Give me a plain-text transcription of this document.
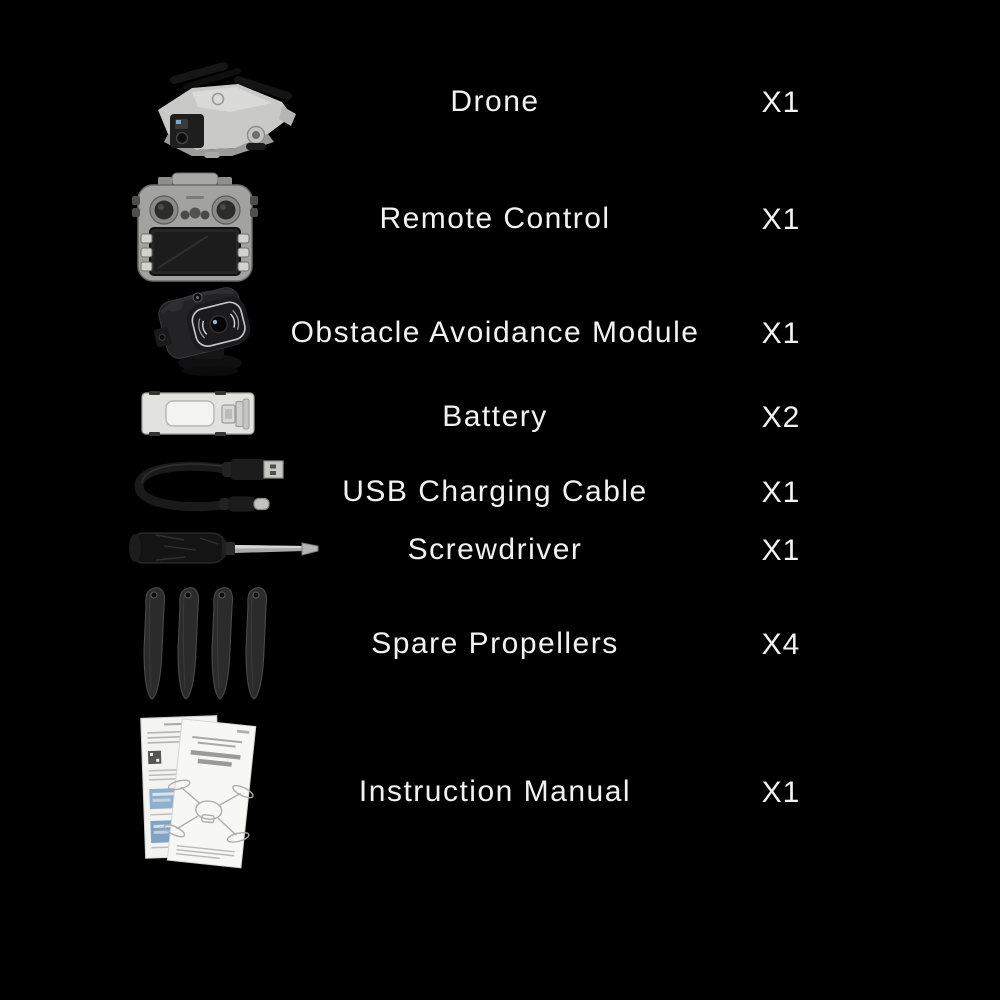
Drone	X1
Remote Control	X1
Obstacle Avoidance Module	X1
Battery	X2
USB Charging Cable	X1
Screwdriver	X1
Spare Propellers	X4
Instruction Manual	X1
